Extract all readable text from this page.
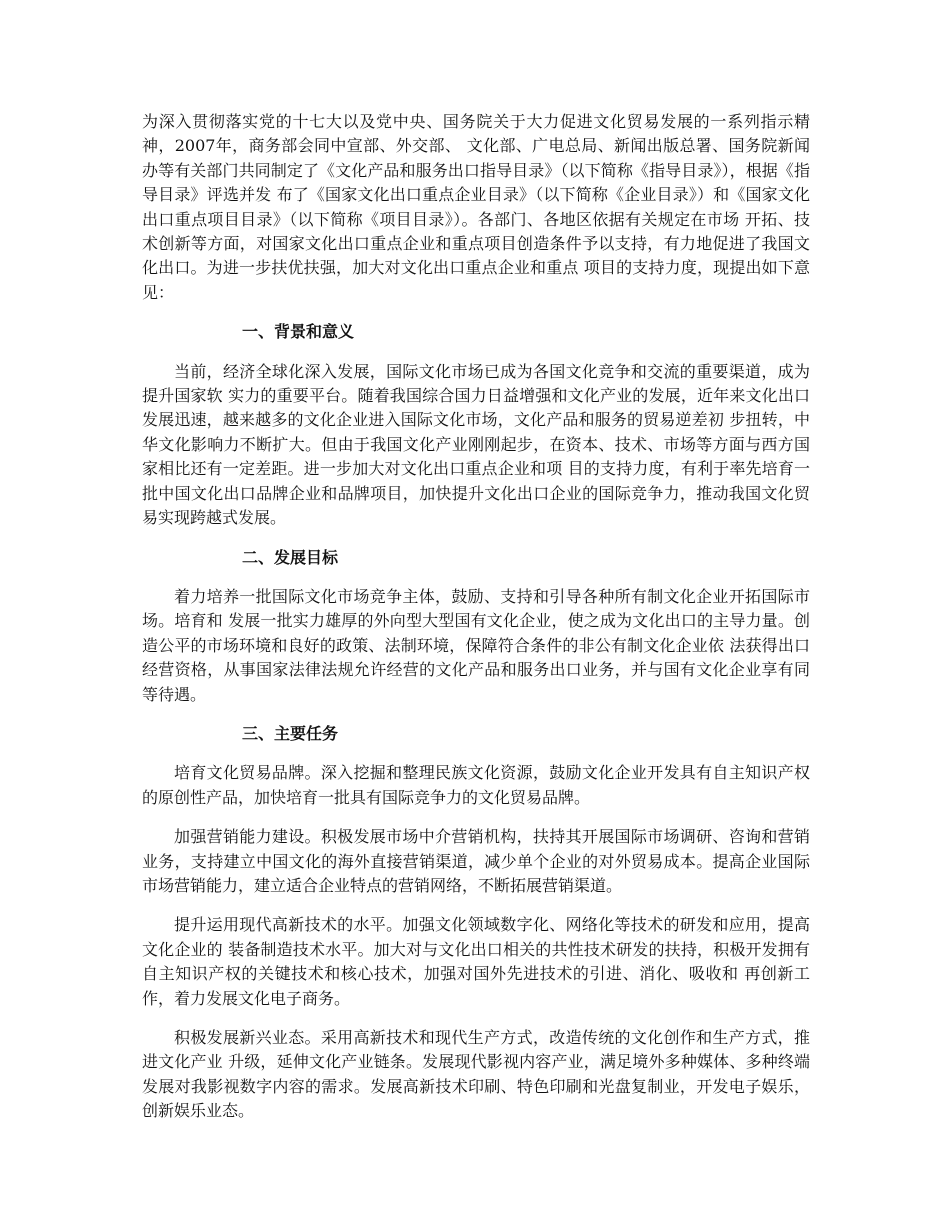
为深入贯彻落实党的十七大以及党中央、国务院关于大力促进文化贸易发展的一系列指示精神，2007年，商务部会同中宣部、外交部、 文化部、广电总局、新闻出版总署、国务院新闻办等有关部门共同制定了《文化产品和服务出口指导目录》（以下简称《指导目录》），根据《指导目录》评选并发 布了《国家文化出口重点企业目录》（以下简称《企业目录》）和《国家文化出口重点项目目录》（以下简称《项目目录》）。各部门、各地区依据有关规定在市场 开拓、技术创新等方面，对国家文化出口重点企业和重点项目创造条件予以支持，有力地促进了我国文化出口。为进一步扶优扶强，加大对文化出口重点企业和重点 项目的支持力度，现提出如下意见：

一、背景和意义

当前，经济全球化深入发展，国际文化市场已成为各国文化竞争和交流的重要渠道，成为提升国家软 实力的重要平台。随着我国综合国力日益增强和文化产业的发展，近年来文化出口发展迅速，越来越多的文化企业进入国际文化市场，文化产品和服务的贸易逆差初 步扭转，中华文化影响力不断扩大。但由于我国文化产业刚刚起步，在资本、技术、市场等方面与西方国家相比还有一定差距。进一步加大对文化出口重点企业和项 目的支持力度，有利于率先培育一批中国文化出口品牌企业和品牌项目，加快提升文化出口企业的国际竞争力，推动我国文化贸易实现跨越式发展。

二、发展目标

着力培养一批国际文化市场竞争主体，鼓励、支持和引导各种所有制文化企业开拓国际市场。培育和 发展一批实力雄厚的外向型大型国有文化企业，使之成为文化出口的主导力量。创造公平的市场环境和良好的政策、法制环境，保障符合条件的非公有制文化企业依 法获得出口经营资格，从事国家法律法规允许经营的文化产品和服务出口业务，并与国有文化企业享有同等待遇。

三、主要任务

培育文化贸易品牌。深入挖掘和整理民族文化资源，鼓励文化企业开发具有自主知识产权的原创性产品，加快培育一批具有国际竞争力的文化贸易品牌。

加强营销能力建设。积极发展市场中介营销机构，扶持其开展国际市场调研、咨询和营销业务，支持建立中国文化的海外直接营销渠道，减少单个企业的对外贸易成本。提高企业国际市场营销能力，建立适合企业特点的营销网络，不断拓展营销渠道。

提升运用现代高新技术的水平。加强文化领域数字化、网络化等技术的研发和应用，提高文化企业的 装备制造技术水平。加大对与文化出口相关的共性技术研发的扶持，积极开发拥有自主知识产权的关键技术和核心技术，加强对国外先进技术的引进、消化、吸收和 再创新工作，着力发展文化电子商务。

积极发展新兴业态。采用高新技术和现代生产方式，改造传统的文化创作和生产方式，推进文化产业 升级，延伸文化产业链条。发展现代影视内容产业，满足境外多种媒体、多种终端发展对我影视数字内容的需求。发展高新技术印刷、特色印刷和光盘复制业，开发电子娱乐，创新娱乐业态。
